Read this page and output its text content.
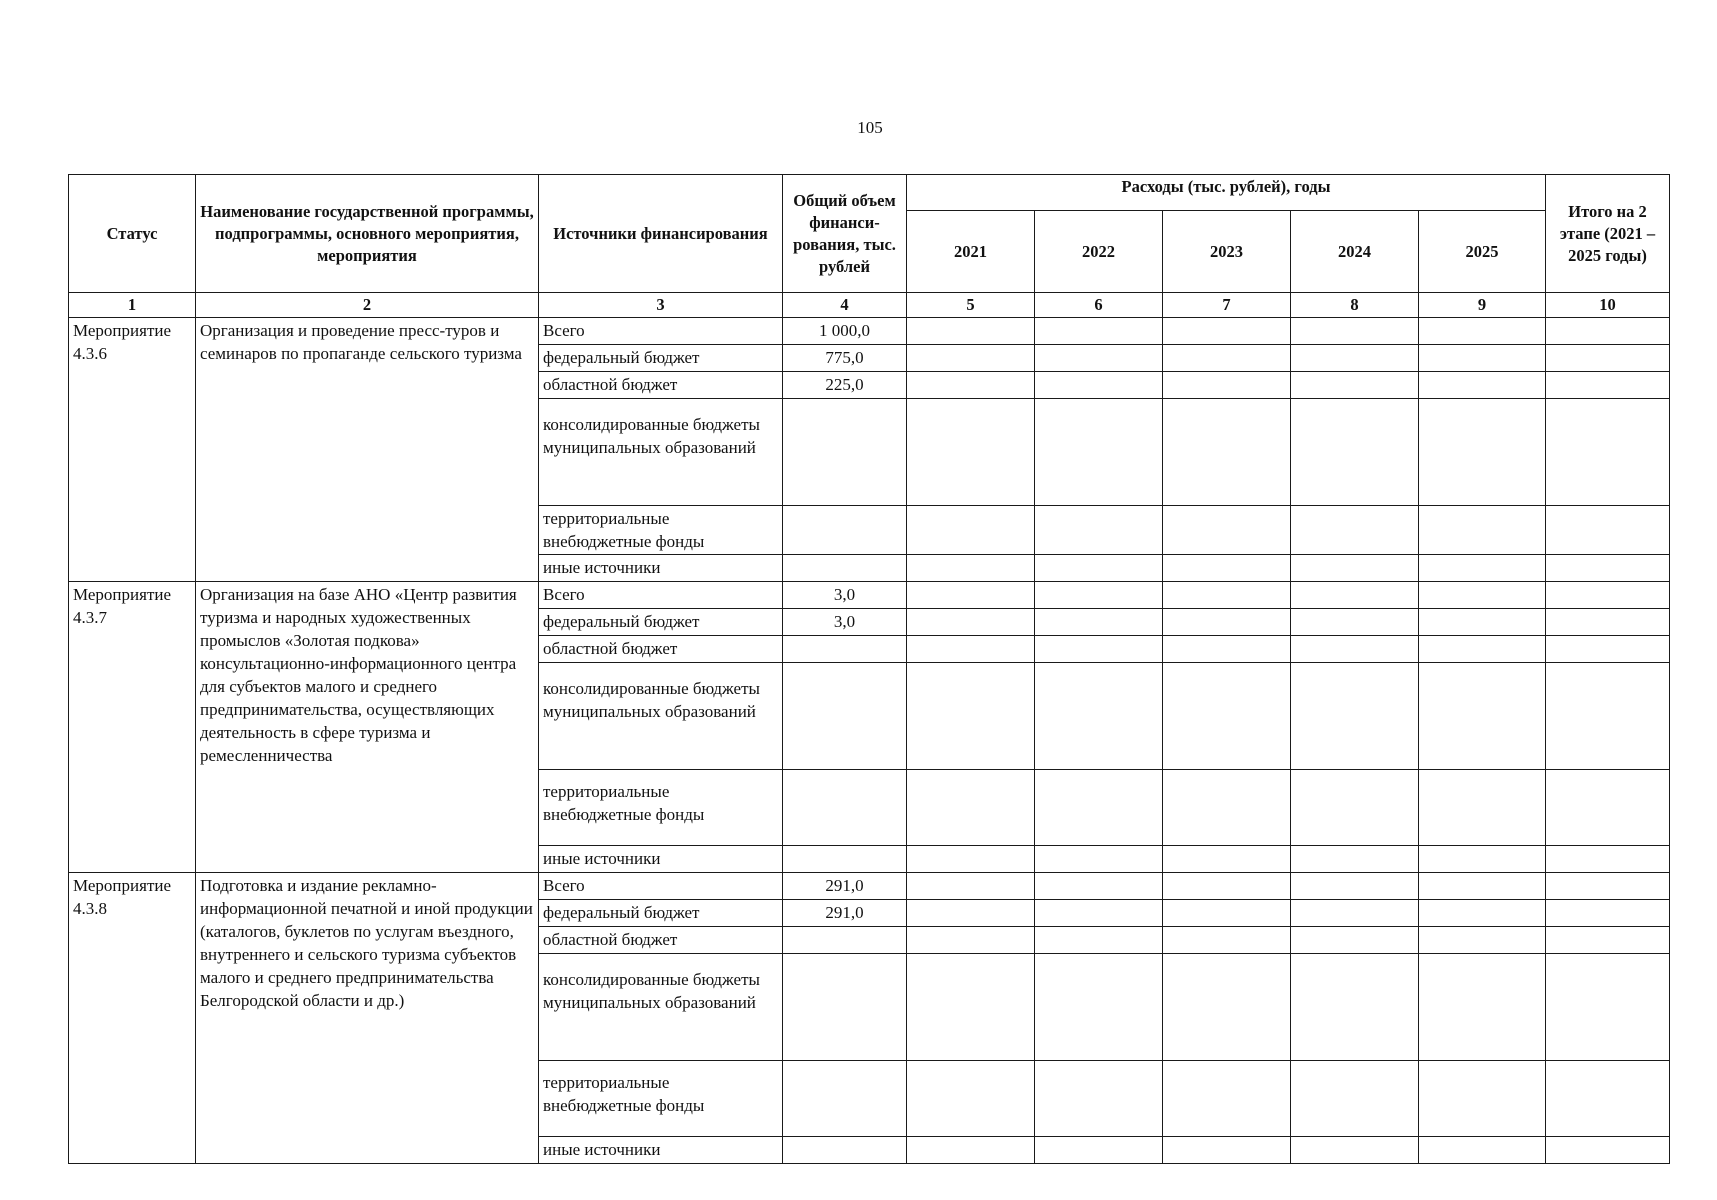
105
Статус	Наименование государственной программы, подпрограммы, основного мероприятия, мероприятия	Источники финансирования	Общий объем финанси-рования, тыс. рублей	Расходы (тыс. рублей), годы					Итого на 2 этапе (2021 – 2025 годы)
				2021	2022	2023	2024	2025	
1	2	3	4	5	6	7	8	9	10
Мероприятие 4.3.6	Организация и проведение пресс-туров и семинаров по пропаганде сельского туризма	Всего	1 000,0						
		федеральный бюджет	775,0						
		областной бюджет	225,0						
		консолидированные бюджеты муниципальных образований							
		территориальные внебюджетные фонды							
		иные источники							
Мероприятие 4.3.7	Организация на базе АНО «Центр развития туризма и народных художественных промыслов «Золотая подкова» консультационно-информационного центра для субъектов малого и среднего предпринимательства, осуществляющих деятельность в сфере туризма и ремесленничества	Всего	3,0						
		федеральный бюджет	3,0						
		областной бюджет							
		консолидированные бюджеты муниципальных образований							
		территориальные внебюджетные фонды							
		иные источники							
Мероприятие 4.3.8	Подготовка и издание рекламно-информационной печатной и иной продукции (каталогов, буклетов по услугам въездного, внутреннего и сельского туризма субъектов малого и среднего предпринимательства Белгородской области и др.)	Всего	291,0						
		федеральный бюджет	291,0						
		областной бюджет							
		консолидированные бюджеты муниципальных образований							
		территориальные внебюджетные фонды							
		иные источники							
